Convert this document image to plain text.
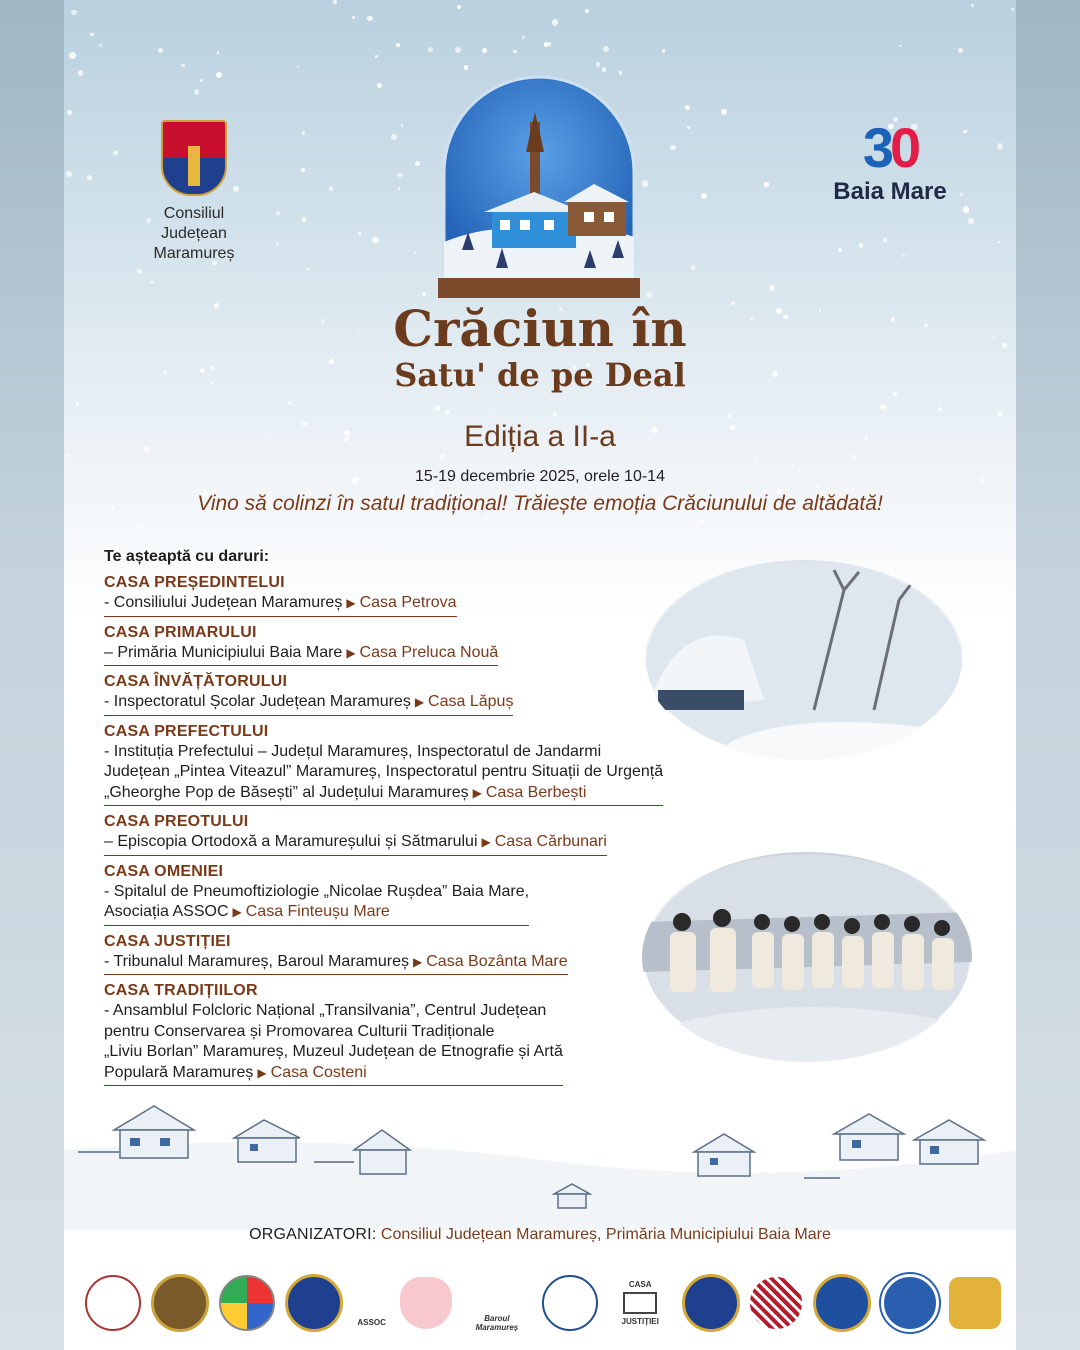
Consiliul Județean
Maramureș
30
Baia Mare
Crăciun în
Satu' de pe Deal
Ediția a II-a
15-19 decembrie 2025, orele 10-14
Vino să colinzi în satul tradițional! Trăiește emoția Crăciunului de altădată!
Te așteaptă cu daruri:
CASA PREȘEDINTELUI
- Consiliului Județean Maramureș ▶ Casa Petrova
CASA PRIMARULUI
– Primăria Municipiului Baia Mare ▶ Casa Preluca Nouă
CASA ÎNVĂȚĂTORULUI
- Inspectoratul Școlar Județean Maramureș ▶ Casa Lăpuș
CASA PREFECTULUI
- Instituția Prefectului – Județul Maramureș, Inspectoratul de Jandarmi
Județean „Pintea Viteazul” Maramureș, Inspectoratul pentru Situații de Urgență
„Gheorghe Pop de Băsești” al Județului Maramureș ▶ Casa Berbești
CASA PREOTULUI
– Episcopia Ortodoxă a Maramureșului și Sătmarului ▶ Casa Cărbunari
CASA OMENIEI
- Spitalul de Pneumoftiziologie „Nicolae Rușdea” Baia Mare,
Asociația ASSOC ▶ Casa Finteușu Mare
CASA JUSTIȚIEI
- Tribunalul Maramureș, Baroul Maramureș ▶ Casa Bozânta Mare
CASA TRADIȚIILOR
- Ansamblul Folcloric Național „Transilvania”, Centrul Județean
pentru Conservarea și Promovarea Culturii Tradiționale
„Liviu Borlan” Maramureș, Muzeul Județean de Etnografie și Artă
Populară Maramureș ▶ Casa Costeni
ORGANIZATORI: Consiliul Județean Maramureș, Primăria Municipiului Baia Mare
ASSOC	Baroul Maramureș
CASA
JUSTIȚIEI
